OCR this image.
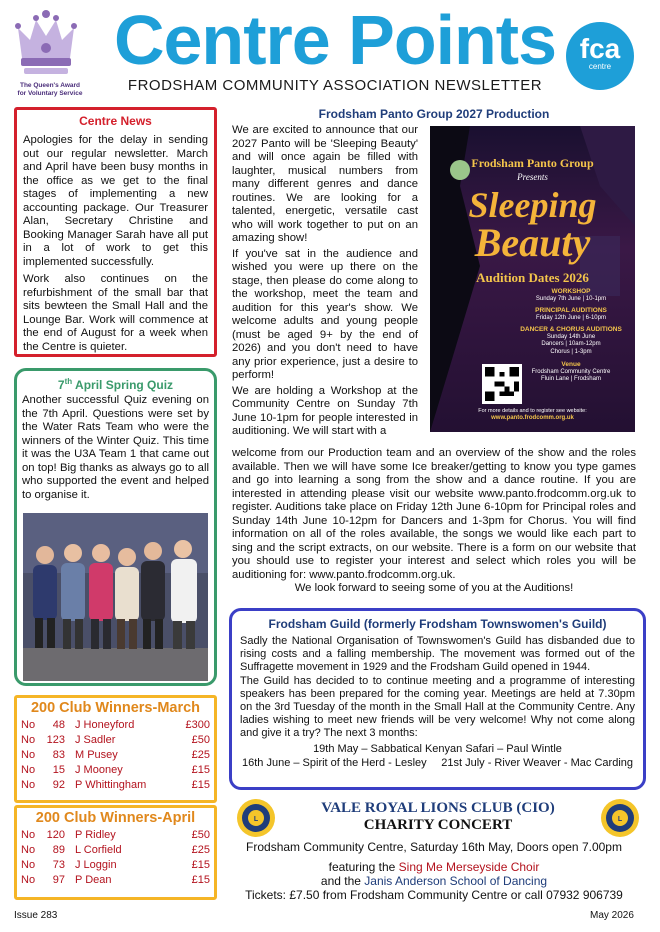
The Queen's Award
for Voluntary Service
Centre Points
FRODSHAM COMMUNITY ASSOCIATION NEWSLETTER
fca
centre
Centre News

Apologies for the delay in sending out our regular newsletter. March and April have been busy months in the office as we get to the final stages of implementing a new accounting package. Our Treasurer Alan, Secretary Christine and Booking Manager Sarah have all put in a lot of work to get this implemented successfully.

Work also continues on the refurbishment of the small bar that sits bewteen the Small Hall and the Lounge Bar. Work will commence at the end of August for a week when the Centre is quieter.

7th April Spring Quiz

Another successful Quiz evening on the 7th April. Questions were set by the Water Rats Team who were the winners of the Winter Quiz. This time it was the U3A Team 1 that came out on top! Big thanks as always go to all who supported the event and helped to organise it.

200 Club Winners-March
No	48 J Honeyford	£300
No	123 J Sadler	£50
No	83 M Pusey	£25
No	15 J Mooney	£15
No	92 P Whittingham	£15
200 Club Winners-April
No	120 P Ridley	£50
No	89 L Corfield	£25
No	73 J Loggin	£15
No	97 P Dean	£15
Issue 283	May 2026
Frodsham Panto Group 2027 Production

We are excited to announce that our 2027 Panto will be 'Sleeping Beauty' and will once again be filled with laughter, musical numbers from many different genres and dance routines. We are looking for a talented, energetic, versatile cast who will work together to put on an amazing show!

If you've sat in the audience and wished you were up there on the stage, then please do come along to the workshop, meet the team and audition for this year's show. We welcome adults and young people (must be aged 9+ by the end of 2026) and you don't need to have any prior experience, just a desire to perform!

We are holding a Workshop at the Community Centre on Sunday 7th June 10-1pm for people interested in auditioning. We will start with a

welcome from our Production team and an overview of the show and the roles available. Then we will have some Ice breaker/getting to know you type games and go into learning a song from the show and a dance routine. If you are interested in attending please visit our website www.panto.frodcomm.org.uk to register. Auditions take place on Friday 12th June 6-10pm for Principal roles and Sunday 14th June 10-12pm for Dancers and 1-3pm for Chorus. You will find information on all of the roles available, the songs we would like each part to sing and the script extracts, on our website. There is a form on our website that you should use to register your interest and select which roles you will be auditioning for: www.panto.frodcomm.org.uk.

We look forward to seeing some of you at the Auditions!
Frodsham Panto Group
Presents
Sleeping
Beauty
Audition Dates 2026
WORKSHOP
Sunday 7th June | 10-1pm
PRINCIPAL AUDITIONS
Friday 12th June | 6-10pm
DANCER & CHORUS AUDITIONS
Sunday 14th June
Dancers | 10am-12pm
Chorus | 1-3pm
Venue
Frodsham Community Centre
Fluin Lane | Frodsham
For more details and to register see website:
www.panto.frodcomm.org.uk
Frodsham Guild (formerly Frodsham Townswomen's Guild)

Sadly the National Organisation of Townswomen's Guild has disbanded due to rising costs and a falling membership. The movement was formed out of the Suffragette movement in 1929 and the Frodsham Guild opened in 1944.

The Guild has decided to to continue meeting and a programme of interesting speakers has been prepared for the coming year. Meetings are held at 7.30pm on the 3rd Tuesday of the month in the Small Hall at the Community Centre. Any ladies wishing to meet new friends will be very welcome! Why not come along and give it a try? The next 3 months:

19th May – Sabbatical Kenyan Safari – Paul Wintle
16th June – Spirit of the Herd - Lesley 21st July - River Weaver - Mac Carding
L	L
VALE ROYAL LIONS CLUB (CIO)
CHARITY CONCERT
Frodsham Community Centre, Saturday 16th May, Doors open 7.00pm
featuring the Sing Me Merseyside Choir
and the Janis Anderson School of Dancing
Tickets: £7.50 from Frodsham Community Centre or call 07932 906739
